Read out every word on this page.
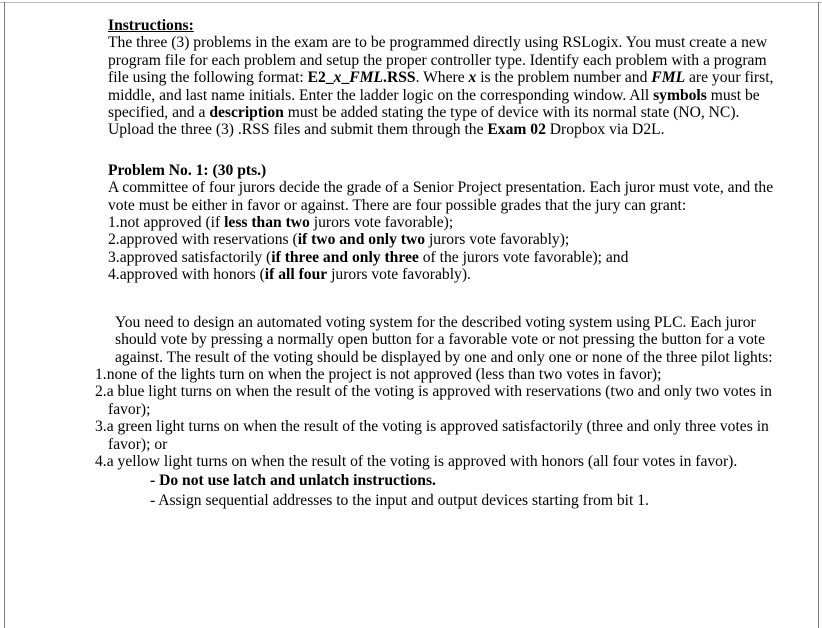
Instructions:

The three (3) problems in the exam are to be programmed directly using RSLogix. You must create a new program file for each problem and setup the proper controller type. Identify each problem with a program file using the following format: E2_x_FML.RSS. Where x is the problem number and FML are your first, middle, and last name initials. Enter the ladder logic on the corresponding window. All symbols must be specified, and a description must be added stating the type of device with its normal state (NO, NC). Upload the three (3) .RSS files and submit them through the Exam 02 Dropbox via D2L.

Problem No. 1: (30 pts.)

A committee of four jurors decide the grade of a Senior Project presentation. Each juror must vote, and the vote must be either in favor or against. There are four possible grades that the jury can grant:

1.not approved (if less than two jurors vote favorable);
2.approved with reservations (if two and only two jurors vote favorably);
3.approved satisfactorily (if three and only three of the jurors vote favorable); and
4.approved with honors (if all four jurors vote favorably).

You need to design an automated voting system for the described voting system using PLC. Each juror should vote by pressing a normally open button for a favorable vote or not pressing the button for a vote against. The result of the voting should be displayed by one and only one or none of the three pilot lights:

1.none of the lights turn on when the project is not approved (less than two votes in favor);
2.a blue light turns on when the result of the voting is approved with reservations (two and only two votes in favor);
3.a green light turns on when the result of the voting is approved satisfactorily (three and only three votes in favor); or
4.a yellow light turns on when the result of the voting is approved with honors (all four votes in favor).
- Do not use latch and unlatch instructions.
- Assign sequential addresses to the input and output devices starting from bit 1.
